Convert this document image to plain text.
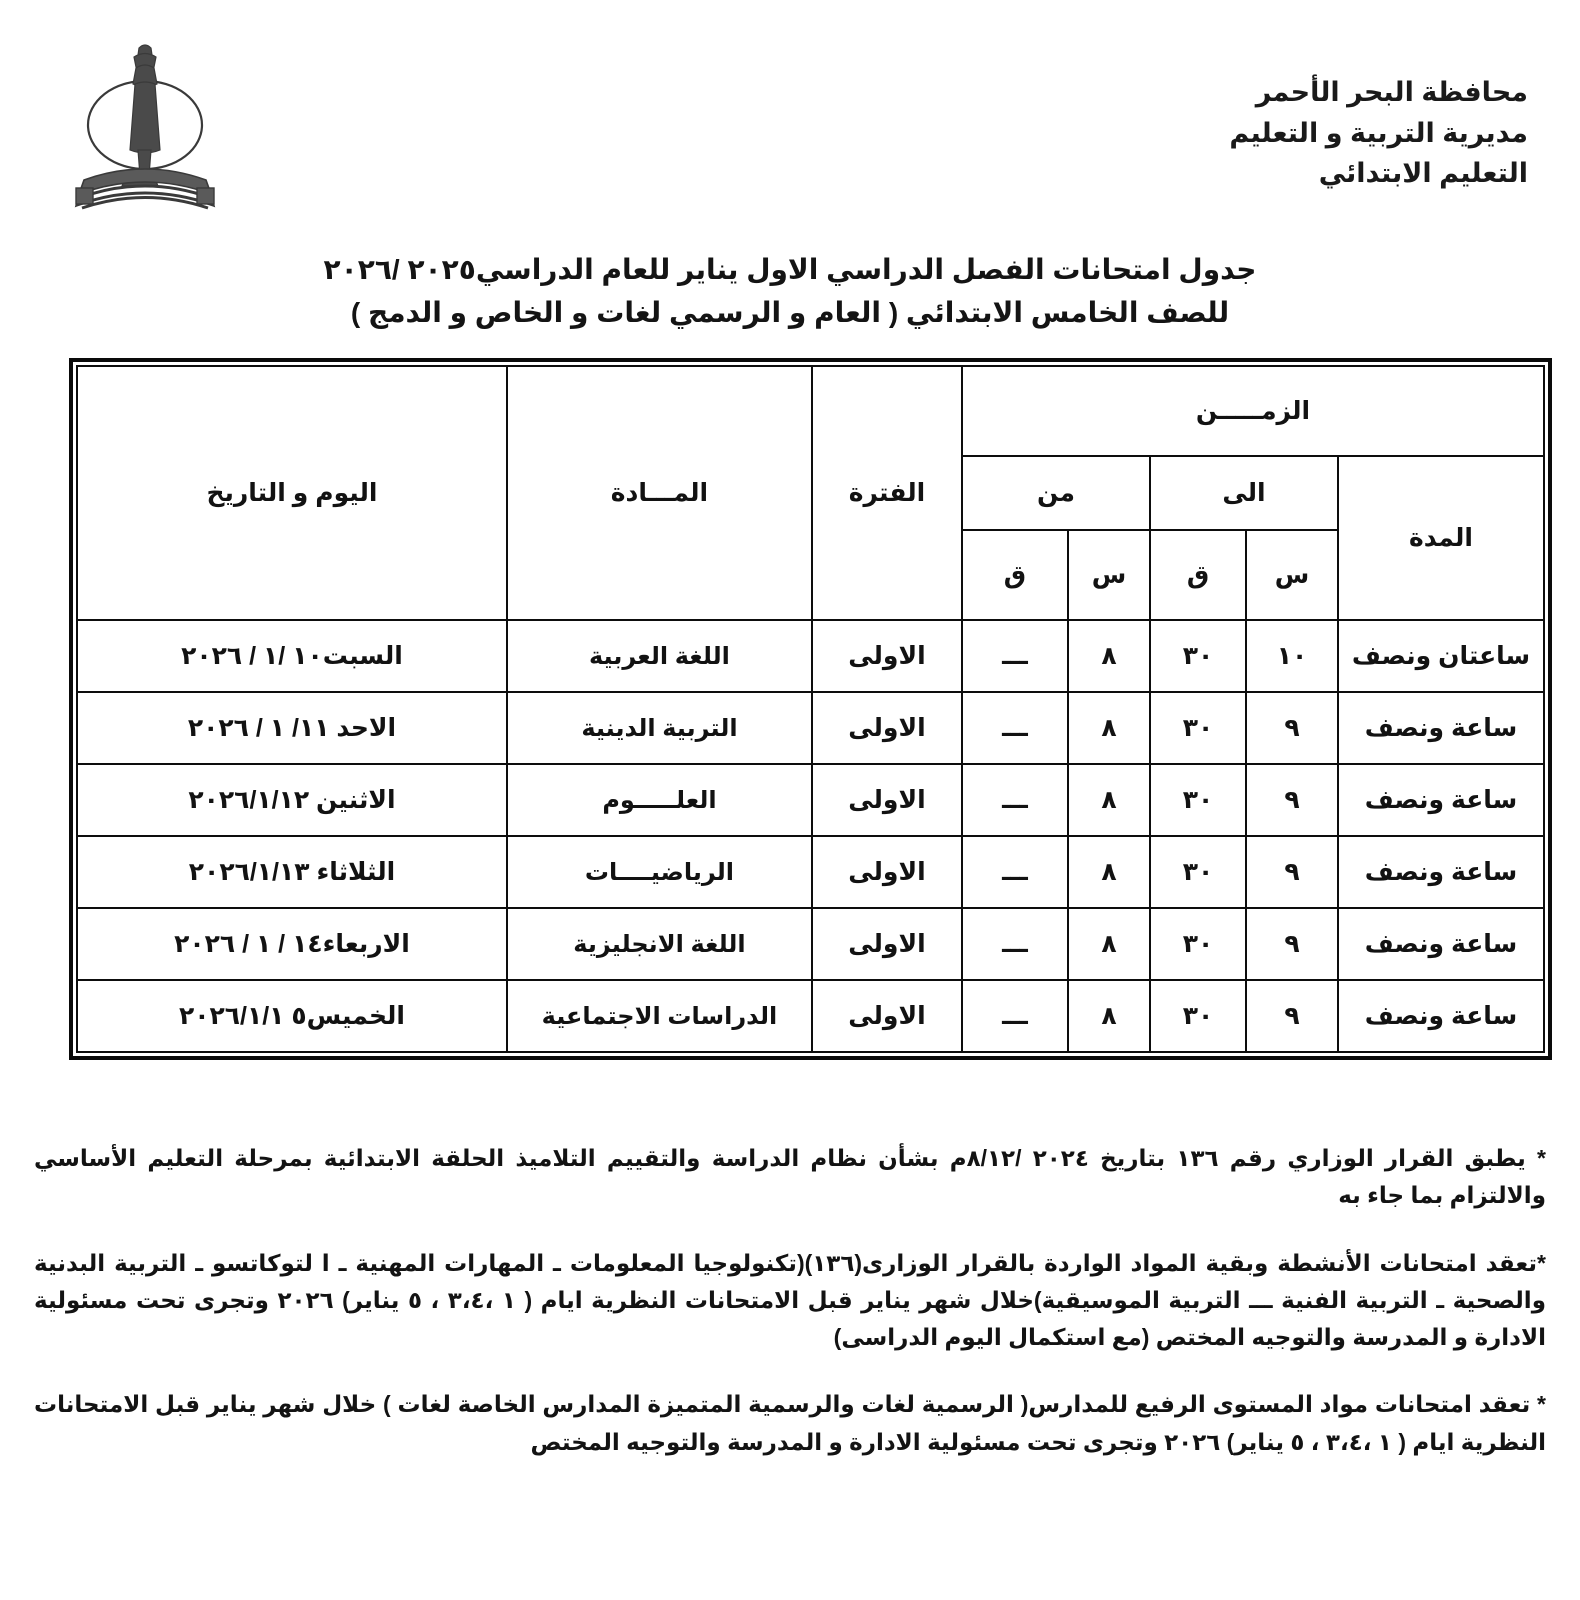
محافظة البحر الأحمر
مديرية التربية و التعليم
التعليم الابتدائي
جدول امتحانات الفصل الدراسي الاول يناير للعام الدراسي٢٠٢٥ /٢٠٢٦
للصف الخامس الابتدائي ( العام و الرسمي لغات و الخاص و الدمج )
الزمـــــن					الفترة	المـــادة	اليوم و التاريخ
المدة	الى		من				
	س	ق	س	ق			
ساعتان ونصف	١٠	٣٠	٨	ـــ	الاولى	اللغة العربية	السبت١٠ /١ / ٢٠٢٦
ساعة ونصف	٩	٣٠	٨	ـــ	الاولى	التربية الدينية	الاحد ١١/ ١ / ٢٠٢٦
ساعة ونصف	٩	٣٠	٨	ـــ	الاولى	العلـــــوم	الاثنين ٢٠٢٦/١/١٢
ساعة ونصف	٩	٣٠	٨	ـــ	الاولى	الرياضيــــات	الثلاثاء ٢٠٢٦/١/١٣
ساعة ونصف	٩	٣٠	٨	ـــ	الاولى	اللغة الانجليزية	الاربعاء١٤ / ١ / ٢٠٢٦
ساعة ونصف	٩	٣٠	٨	ـــ	الاولى	الدراسات الاجتماعية	الخميس٥ ٢٠٢٦/١/١
* يطبق القرار الوزاري رقم ١٣٦ بتاريخ ٢٠٢٤ /٨/١٢م بشأن نظام الدراسة والتقييم التلاميذ الحلقة الابتدائية بمرحلة التعليم الأساسي والالتزام بما جاء به
*تعقد امتحانات الأنشطة وبقية المواد الواردة بالقرار الوزارى(١٣٦)(تكنولوجيا المعلومات ـ المهارات المهنية ـ ا لتوكاتسو ـ التربية البدنية والصحية ـ التربية الفنية ـــ التربية الموسيقية)خلال شهر يناير قبل الامتحانات النظرية ايام ( ١ ،٣،٤ ، ٥ يناير) ٢٠٢٦ وتجرى تحت مسئولية الادارة و المدرسة والتوجيه المختص (مع استكمال اليوم الدراسى)
* تعقد امتحانات مواد المستوى الرفيع للمدارس( الرسمية لغات والرسمية المتميزة المدارس الخاصة لغات ) خلال شهر يناير قبل الامتحانات النظرية ايام ( ١ ،٣،٤ ، ٥ يناير) ٢٠٢٦ وتجرى تحت مسئولية الادارة و المدرسة والتوجيه المختص
